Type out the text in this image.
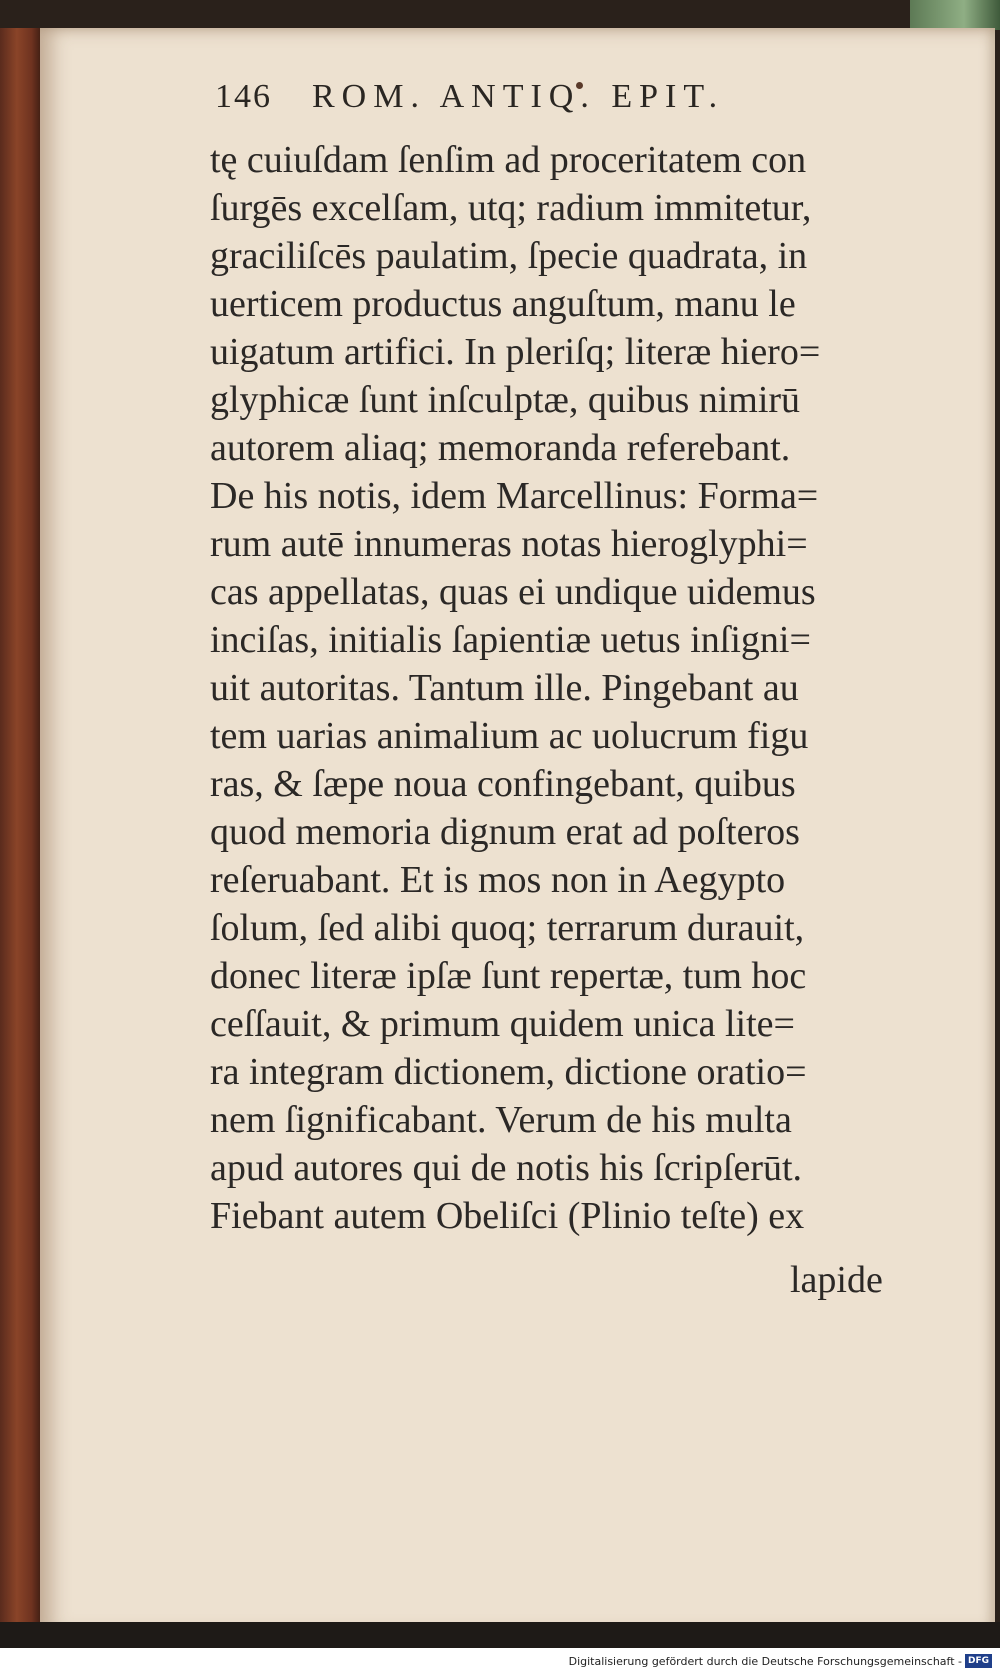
146 ROM. ANTIQ. EPIT.
tę cuiuſdam ſenſim ad proceritatem con
ſurgēs excelſam, utq; radium immitetur,
graciliſcēs paulatim, ſpecie quadrata, in
uerticem productus anguſtum, manu le
uigatum artifici. In pleriſq; literæ hiero=
glyphicæ ſunt inſculptæ, quibus nimirū
autorem aliaq; memoranda referebant.
De his notis, idem Marcellinus: Forma=
rum autē innumeras notas hieroglyphi=
cas appellatas, quas ei undique uidemus
inciſas, initialis ſapientiæ uetus inſigni=
uit autoritas. Tantum ille. Pingebant au
tem uarias animalium ac uolucrum figu
ras, & ſæpe noua confingebant, quibus
quod memoria dignum erat ad poſteros
reſeruabant. Et is mos non in Aegypto
ſolum, ſed alibi quoq; terrarum durauit,
donec literæ ipſæ ſunt repertæ, tum hoc
ceſſauit, & primum quidem unica lite=
ra integram dictionem, dictione oratio=
nem ſignificabant. Verum de his multa
apud autores qui de notis his ſcripſerūt.
Fiebant autem Obeliſci (Plinio teſte) ex
lapide
Digitalisierung gefördert durch die Deutsche Forschungsgemeinschaft - DFG
